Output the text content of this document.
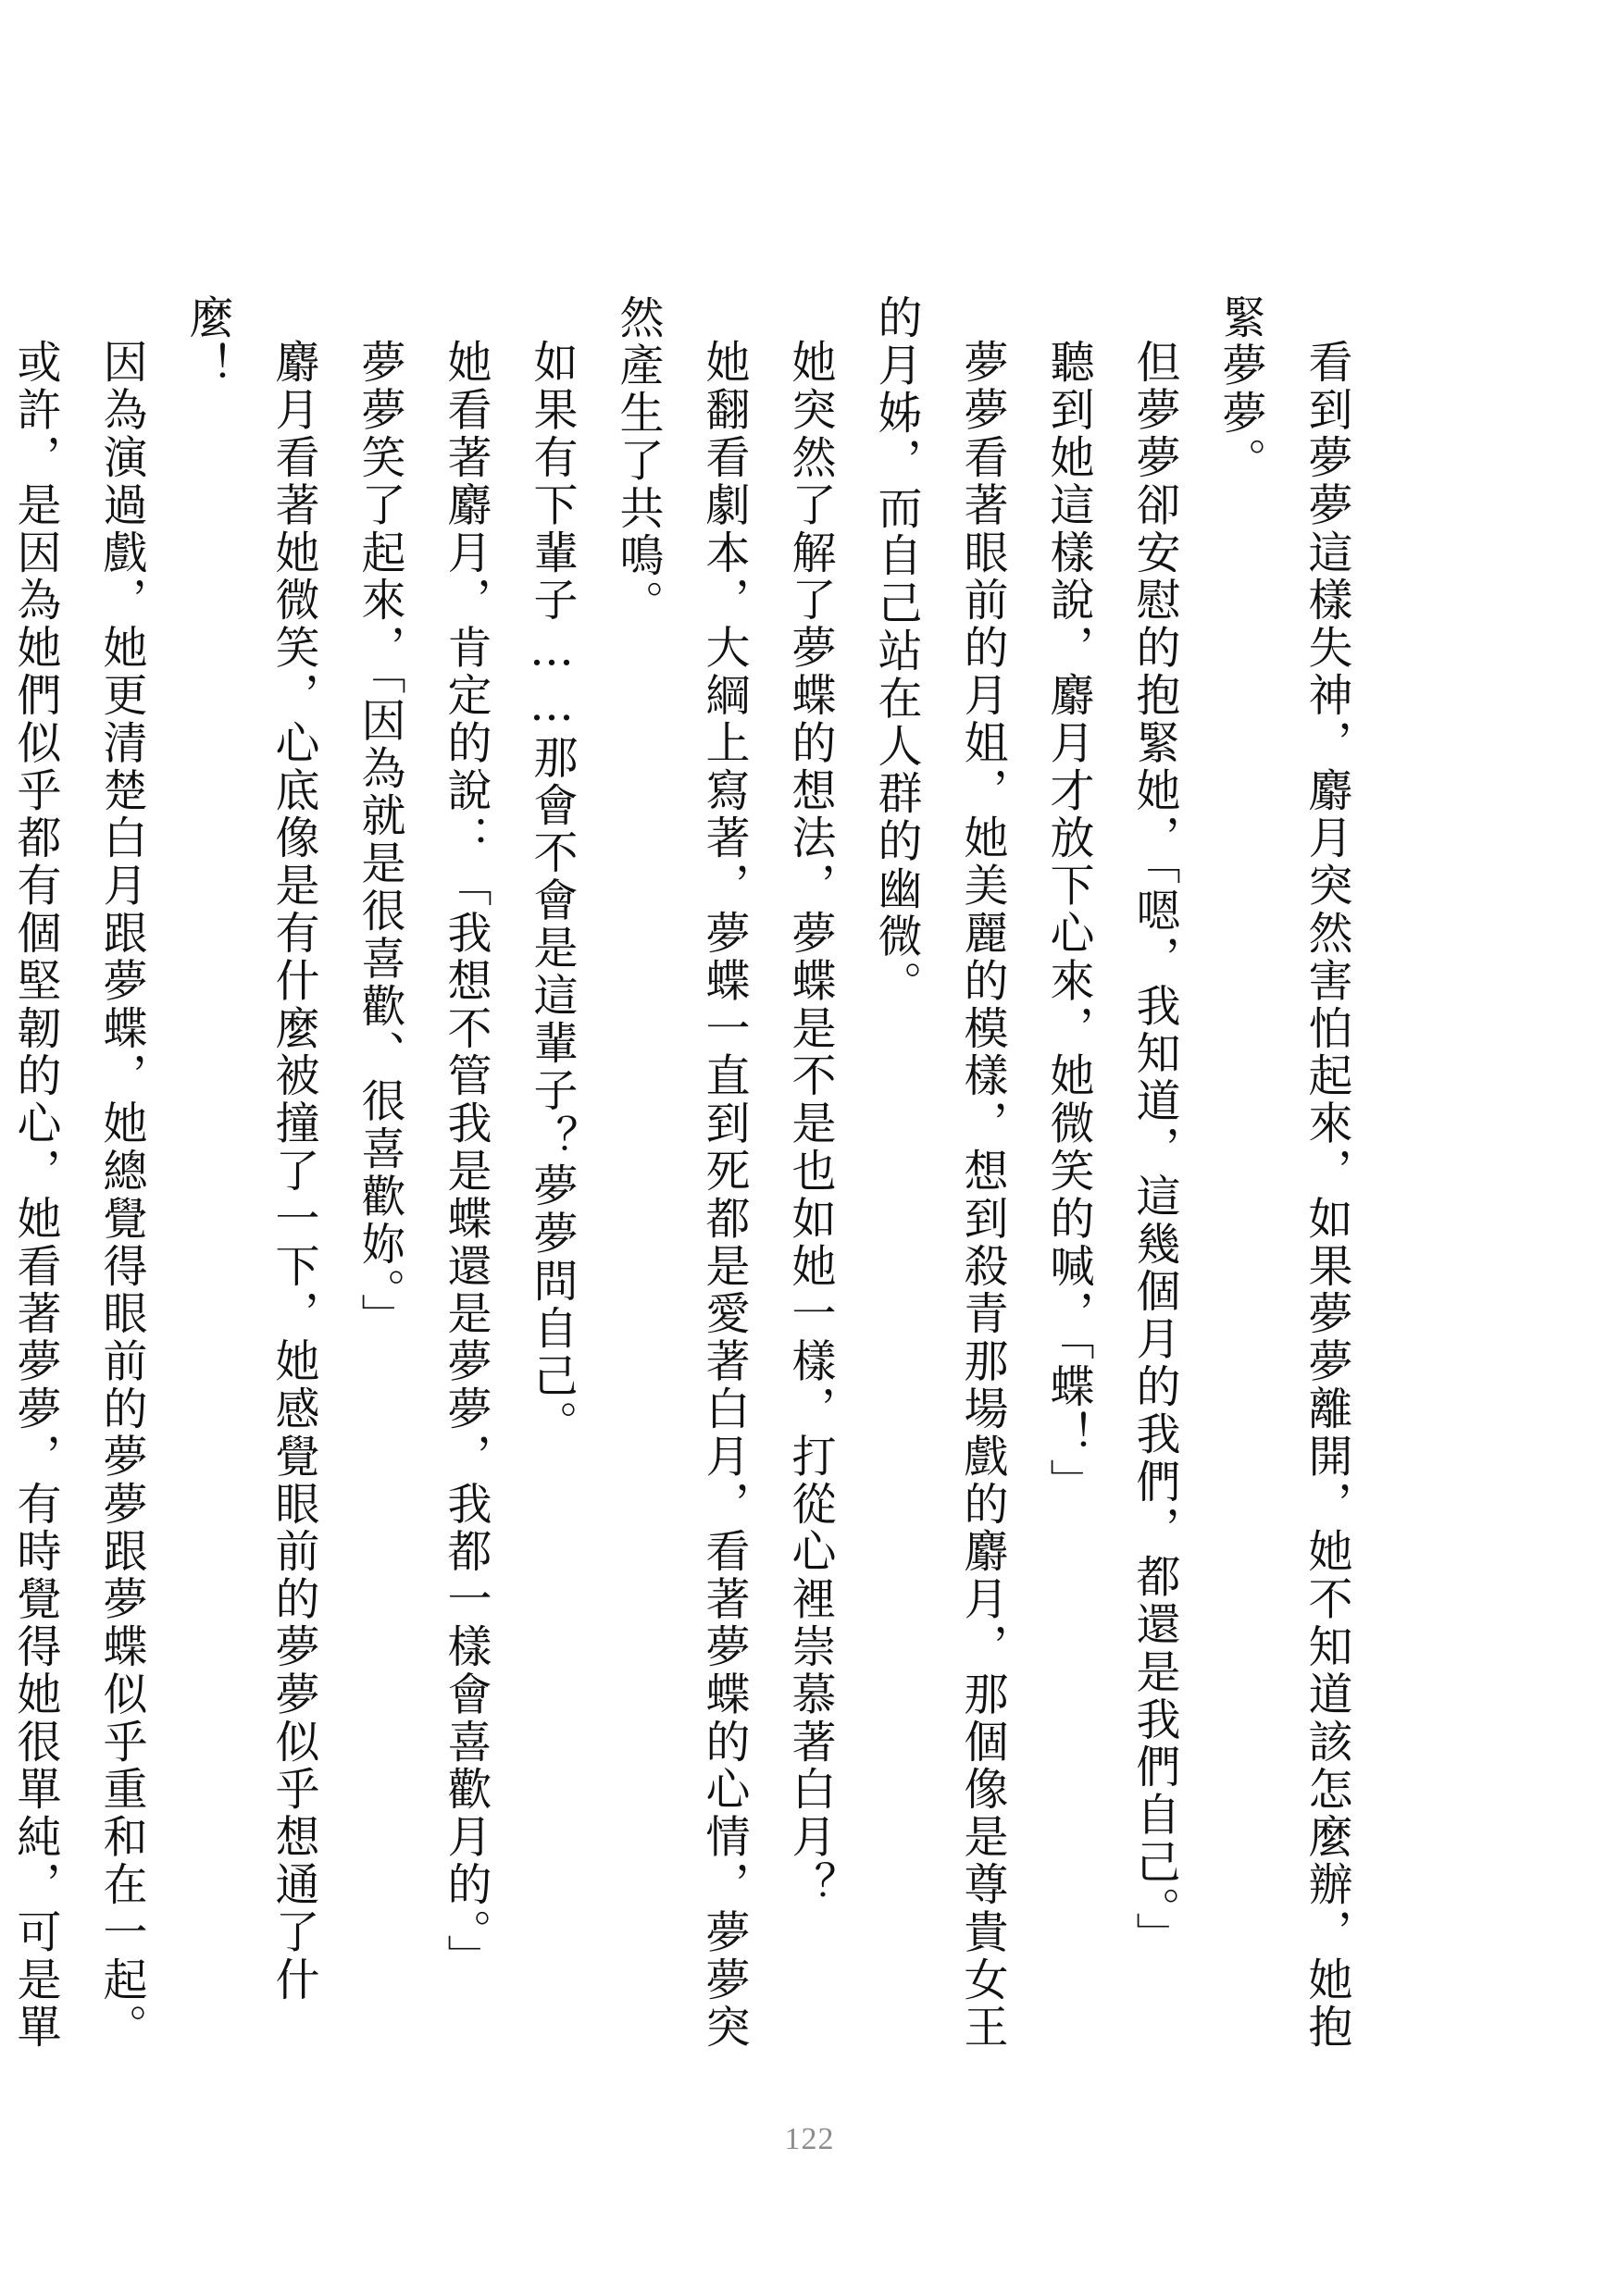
看到夢夢這樣失神，麝月突然害怕起來，如果夢夢離開，她不知道該怎麼辦，她抱緊夢夢。

但夢夢卻安慰的抱緊她，「嗯，我知道，這幾個月的我們，都還是我們自己。」

聽到她這樣說，麝月才放下心來，她微笑的喊，「蝶！」

夢夢看著眼前的月姐，她美麗的模樣，想到殺青那場戲的麝月，那個像是尊貴女王的月姊，而自己站在人群的幽微。

她突然了解了夢蝶的想法，夢蝶是不是也如她一樣，打從心裡崇慕著白月？

她翻看劇本，大綱上寫著，夢蝶一直到死都是愛著白月，看著夢蝶的心情，夢夢突然產生了共鳴。

如果有下輩子……那會不會是這輩子？夢夢問自己。

她看著麝月，肯定的說：「我想不管我是蝶還是夢夢，我都一樣會喜歡月的。」

夢夢笑了起來，「因為就是很喜歡、很喜歡妳。」

麝月看著她微笑，心底像是有什麼被撞了一下，她感覺眼前的夢夢似乎想通了什麼！

因為演過戲，她更清楚白月跟夢蝶，她總覺得眼前的夢夢跟夢蝶似乎重和在一起。

或許，是因為她們似乎都有個堅韌的心，她看著夢夢，有時覺得她很單純，可是單

122
